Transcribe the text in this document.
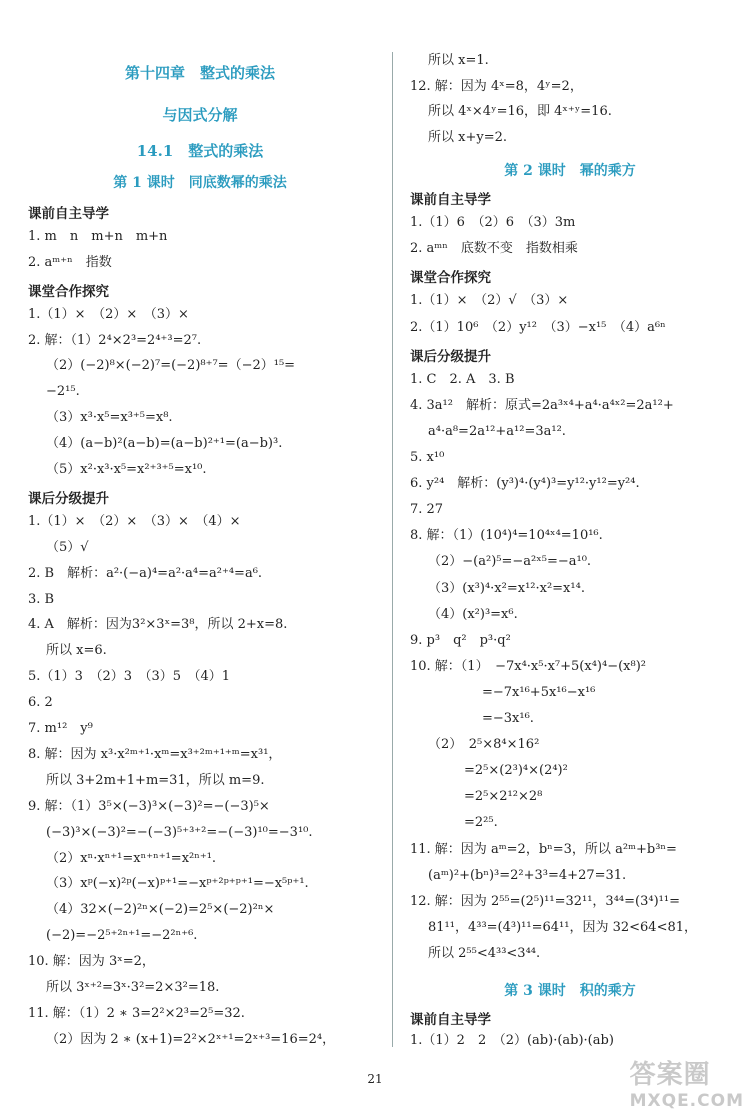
第十四章　整式的乘法
与因式分解
14.1　整式的乘法
第 1 课时　同底数幂的乘法
课前自主导学
1. m　n　m+n　m+n
2. aᵐ⁺ⁿ　指数
课堂合作探究
1.（1）×　（2）×　（3）×
2. 解：（1）2⁴×2³=2⁴⁺³=2⁷.
（2）(−2)⁸×(−2)⁷=(−2)⁸⁺⁷=（−2）¹⁵=
−2¹⁵.
（3）x³·x⁵=x³⁺⁵=x⁸.
（4）(a−b)²(a−b)=(a−b)²⁺¹=(a−b)³.
（5）x²·x³·x⁵=x²⁺³⁺⁵=x¹⁰.
课后分级提升
1.（1）×　（2）×　（3）×　（4）×
（5）√
2. B　解析：a²·(−a)⁴=a²·a⁴=a²⁺⁴=a⁶.
3. B
4. A　解析：因为3²×3ˣ=3⁸，所以 2+x=8.
所以 x=6.
5.（1）3　（2）3　（3）5　（4）1
6. 2
7. m¹²　y⁹
8. 解：因为 x³·x²ᵐ⁺¹·xᵐ=x³⁺²ᵐ⁺¹⁺ᵐ=x³¹，
所以 3+2m+1+m=31，所以 m=9.
9. 解：（1）3⁵×(−3)³×(−3)²=−(−3)⁵×
(−3)³×(−3)²=−(−3)⁵⁺³⁺²=−(−3)¹⁰=−3¹⁰.
（2）xⁿ·xⁿ⁺¹=xⁿ⁺ⁿ⁺¹=x²ⁿ⁺¹.
（3）xᵖ(−x)²ᵖ(−x)ᵖ⁺¹=−xᵖ⁺²ᵖ⁺ᵖ⁺¹=−x⁵ᵖ⁺¹.
（4）32×(−2)²ⁿ×(−2)=2⁵×(−2)²ⁿ×
(−2)=−2⁵⁺²ⁿ⁺¹=−2²ⁿ⁺⁶.
10. 解：因为 3ˣ=2，
所以 3ˣ⁺²=3ˣ·3²=2×3²=18.
11. 解：（1）2 ∗ 3=2²×2³=2⁵=32.
（2）因为 2 ∗ (x+1)=2²×2ˣ⁺¹=2ˣ⁺³=16=2⁴，
所以 x=1.
12. 解：因为 4ˣ=8，4ʸ=2，
所以 4ˣ×4ʸ=16，即 4ˣ⁺ʸ=16.
所以 x+y=2.
第 2 课时　幂的乘方
课前自主导学
1.（1）6　（2）6　（3）3m
2. aᵐⁿ　底数不变　指数相乘
课堂合作探究
1.（1）×　（2）√　（3）×
2.（1）10⁶　（2）y¹²　（3）−x¹⁵　（4）a⁶ⁿ
课后分级提升
1. C　2. A　3. B
4. 3a¹²　解析：原式=2a³ˣ⁴+a⁴·a⁴ˣ²=2a¹²+
a⁴·a⁸=2a¹²+a¹²=3a¹².
5. x¹⁰
6. y²⁴　解析：(y³)⁴·(y⁴)³=y¹²·y¹²=y²⁴.
7. 27
8. 解：（1）(10⁴)⁴=10⁴ˣ⁴=10¹⁶.
（2）−(a²)⁵=−a²ˣ⁵=−a¹⁰.
（3）(x³)⁴·x²=x¹²·x²=x¹⁴.
（4）(x²)³=x⁶.
9. p³　q²　p³·q²
10. 解：（1）　−7x⁴·x⁵·x⁷+5(x⁴)⁴−(x⁸)²
=−7x¹⁶+5x¹⁶−x¹⁶
=−3x¹⁶.
（2）　2⁵×8⁴×16²
=2⁵×(2³)⁴×(2⁴)²
=2⁵×2¹²×2⁸
=2²⁵.
11. 解：因为 aᵐ=2，bⁿ=3，所以 a²ᵐ+b³ⁿ=
(aᵐ)²+(bⁿ)³=2²+3³=4+27=31.
12. 解：因为 2⁵⁵=(2⁵)¹¹=32¹¹，3⁴⁴=(3⁴)¹¹=
81¹¹，4³³=(4³)¹¹=64¹¹，因为 32<64<81，
所以 2⁵⁵<4³³<3⁴⁴.
第 3 课时　积的乘方
课前自主导学
1.（1）2　2　（2）(ab)·(ab)·(ab)
21	答案圈
MXQE.COM
